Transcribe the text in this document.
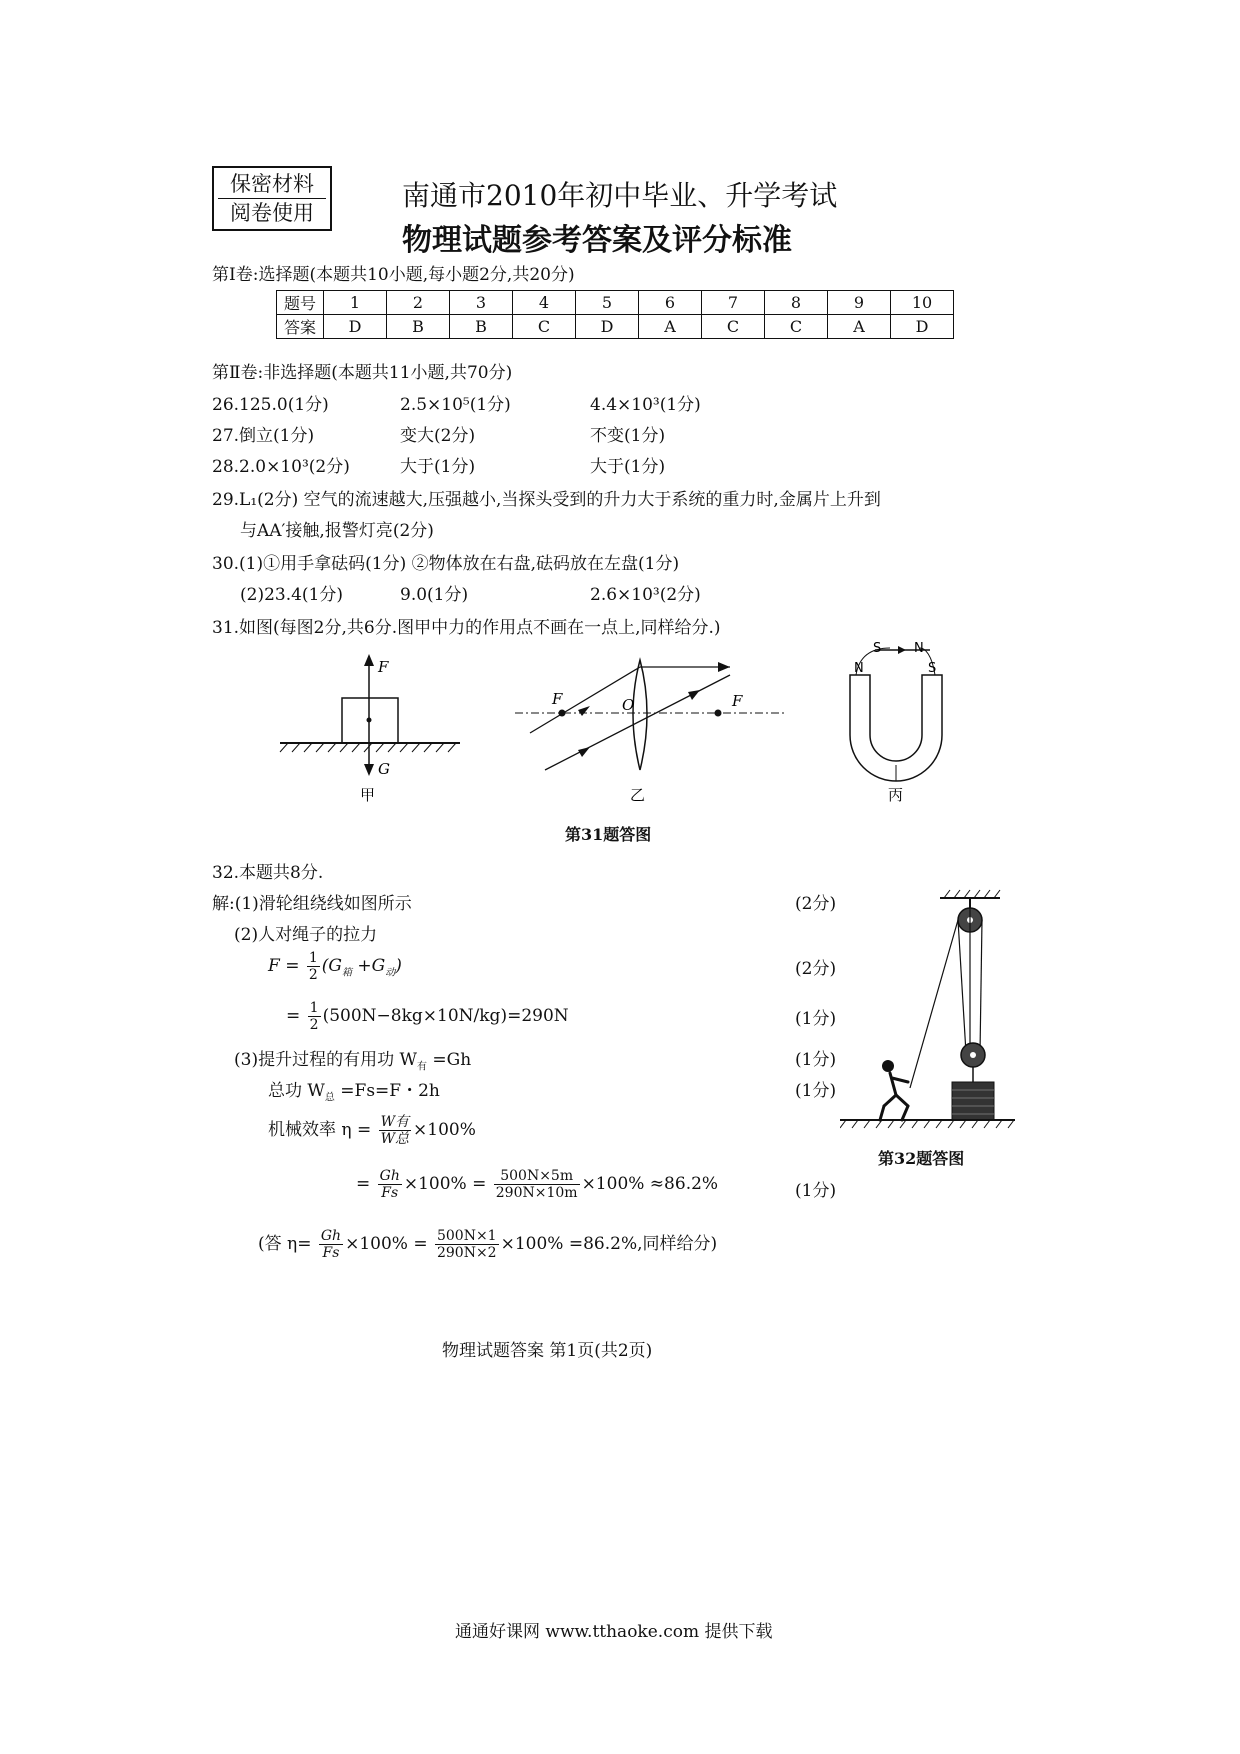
保密材料
阅卷使用
南通市2010年初中毕业、升学考试
物理试题参考答案及评分标准
第Ⅰ卷:选择题(本题共10小题,每小题2分,共20分)
题号	1	2	3	4	5	6	7	8	9	10
答案	D	B	B	C	D	A	C	C	A	D
第Ⅱ卷:非选择题(本题共11小题,共70分)
26.125.0(1分)	2.5×10⁵(1分)	4.4×10³(1分)
27.倒立(1分)	变大(2分)	不变(1分)
28.2.0×10³(2分)	大于(1分)	大于(1分)
29.L₁(2分) 空气的流速越大,压强越小,当探头受到的升力大于系统的重力时,金属片上升到
与AA′接触,报警灯亮(2分)
30.(1)①用手拿砝码(1分) ②物体放在右盘,砝码放在左盘(1分)
(2)23.4(1分)	9.0(1分)	2.6×10³(2分)
31.如图(每图2分,共6分.图甲中力的作用点不画在一点上,同样给分.)
F
G
甲
F	O	F
乙
S	N
N	S
丙
第31题答图
32.本题共8分.
解:(1)滑轮组绕线如图所示	(2分)
(2)人对绳子的拉力
$F = \frac{1}{2} (G_箱 +G_动)$	(2分)
= $\frac{1}{2} (500N-8kg\times 10N/kg)=290N$	(1分)
(3)提升过程的有用功 $W_有 =Gh$	(1分)
总功 $W_总 =Fs=F$・2h	(1分)
机械效率 $\eta = \frac{\text{W有}}{\text{W总}} \times 100\%$
= $\frac{Gh}{Fs} \times 100\% = \frac{500N\times 5m}{290N\times 10m} \times 100\% \approx 86.2\%$	(1分)
(答 $\eta= \frac{Gh}{Fs} \times 100\% = \frac{500N\times 1}{290N\times 2} \times 100\% =86.2\%$,同样给分)
第32题答图
物理试题答案 第1页(共2页)
通通好课网 www.tthaoke.com 提供下载
